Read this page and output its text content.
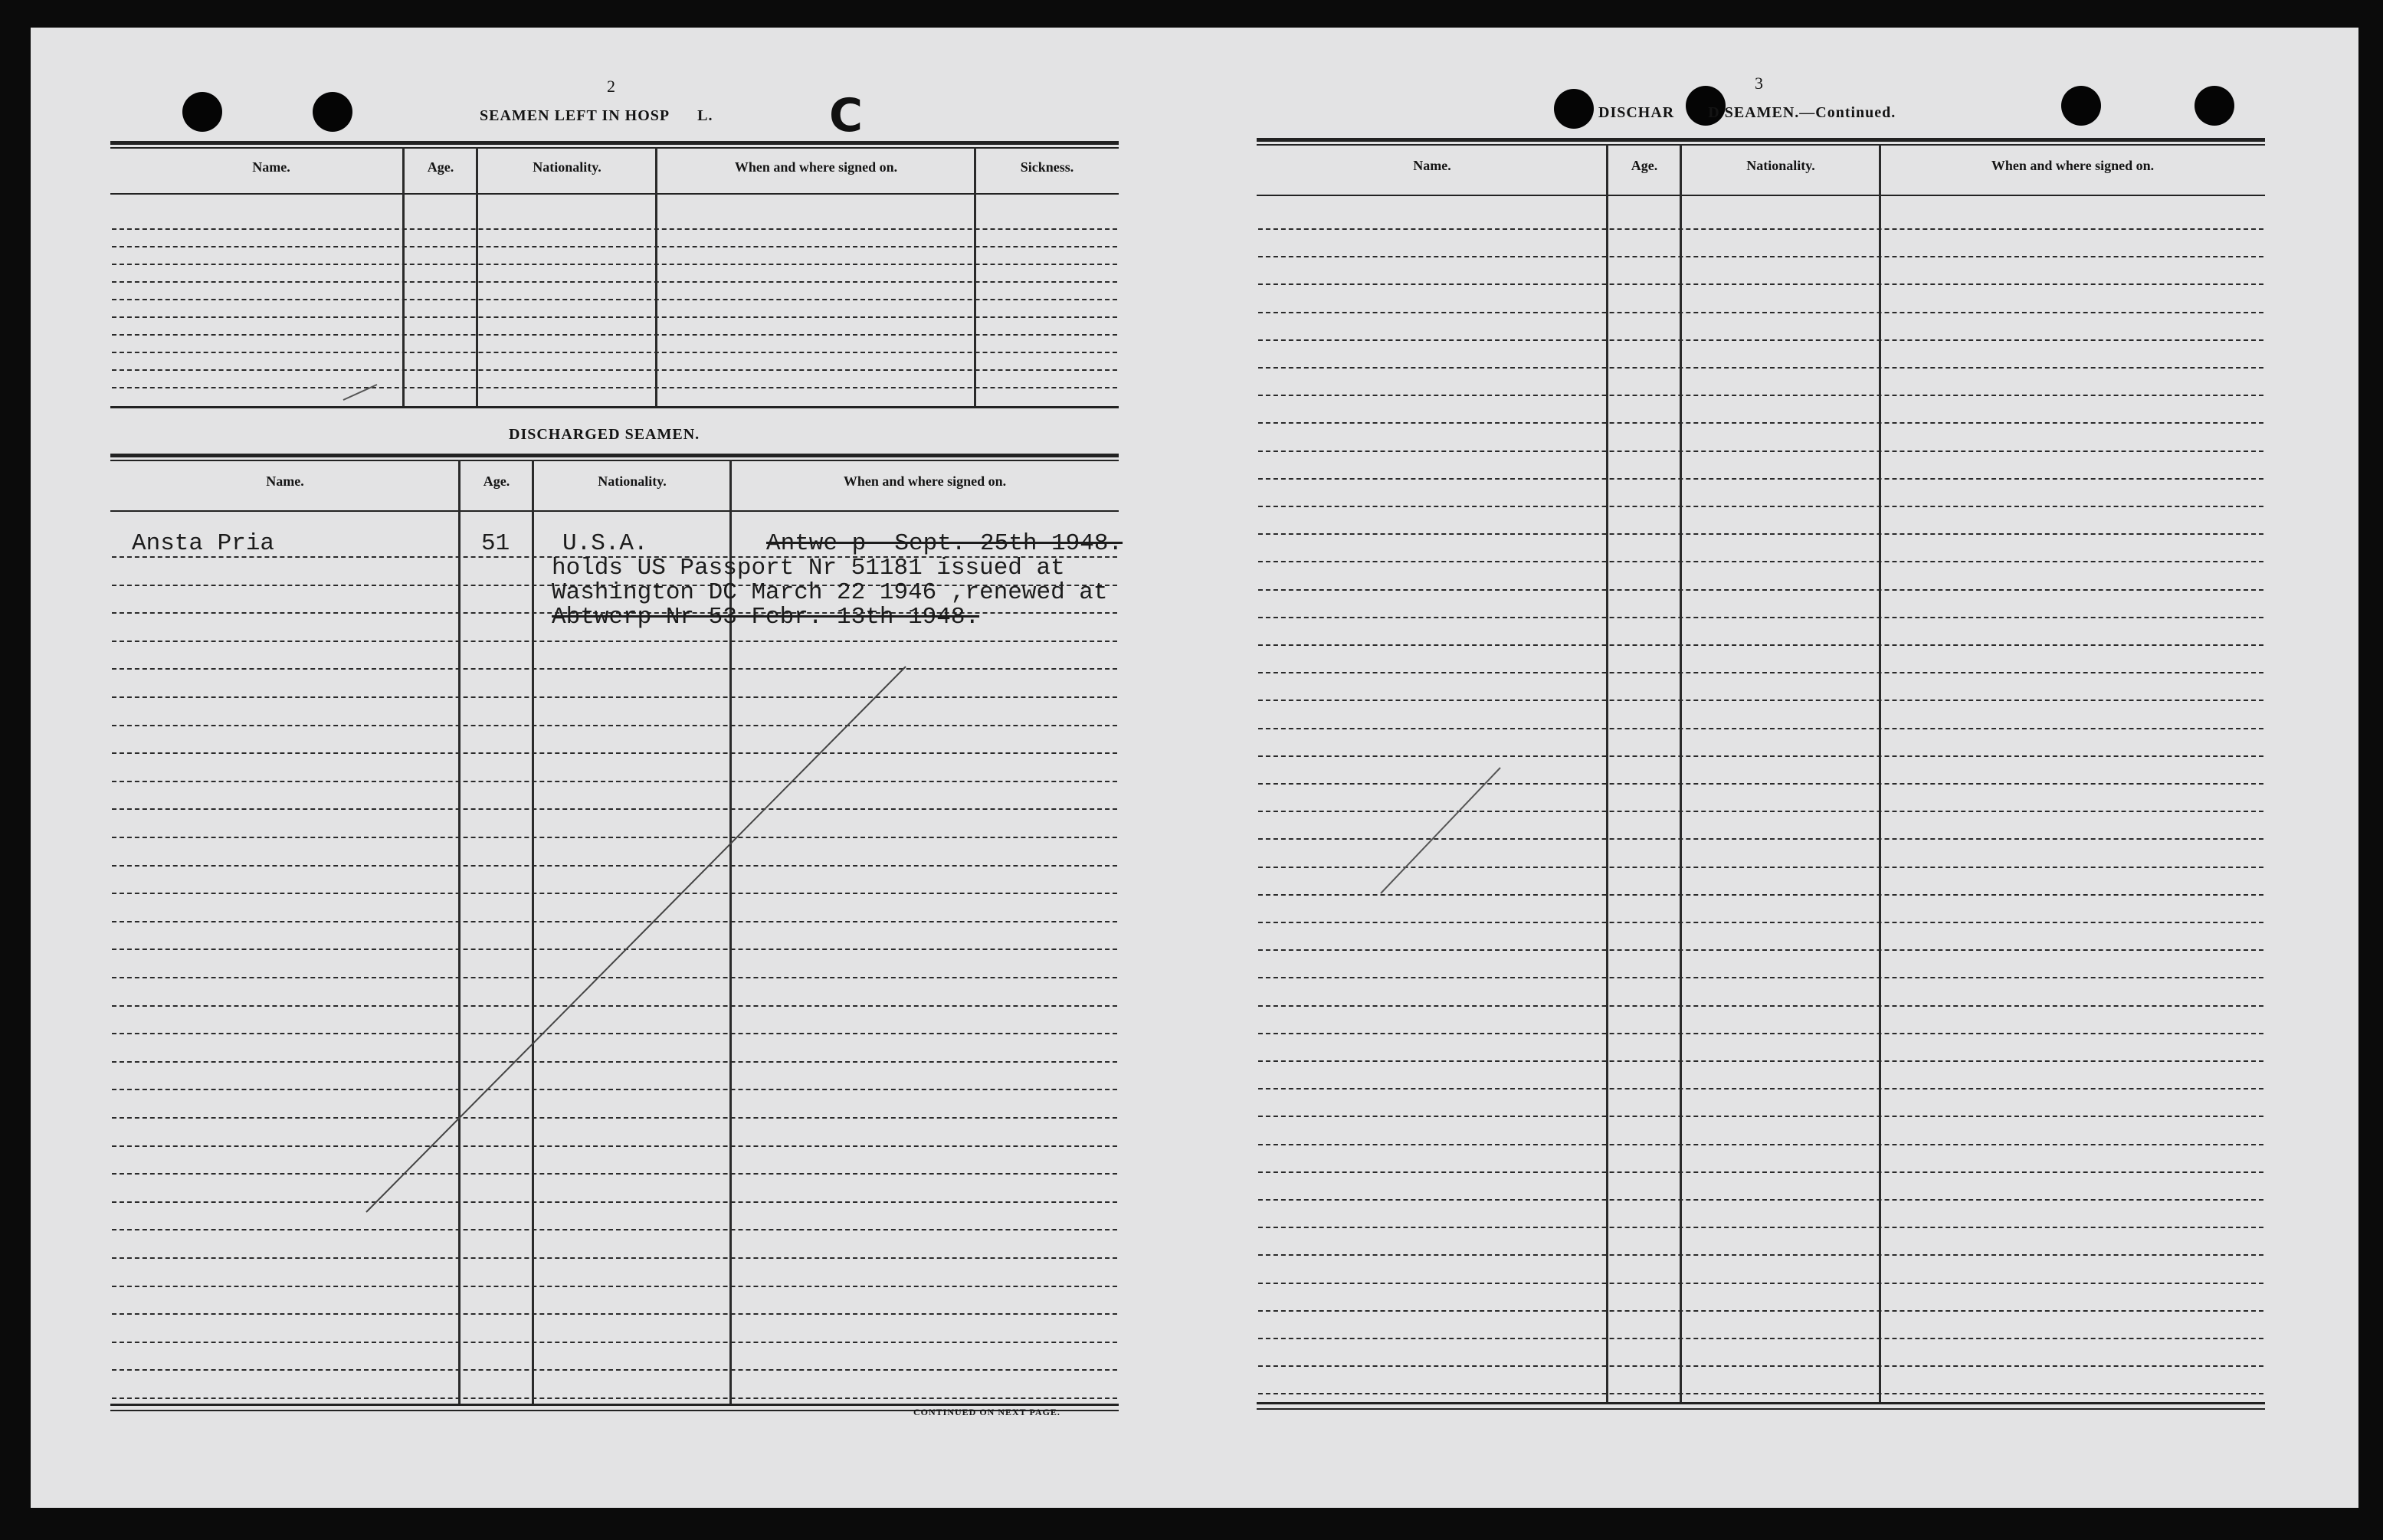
2
SEAMEN LEFT IN HOSP L.	C
3
DISCHAR D SEAMEN.—Continued.
Name.	Age.	Nationality.	When and where signed on.	Sickness.
DISCHARGED SEAMEN.
Name.	Age.	Nationality.	When and where signed on.
CONTINUED ON NEXT PAGE.
Ansta Pria	51 U.S.A.	Antwe p  Sept. 25th 1948.
holds US Passport Nr 51181 issued at
Washington DC March 22 1946 ,renewed at
Abtwerp Nr 53 Febr. 13th 1948.
Name.	Age.	Nationality.	When and where signed on.
